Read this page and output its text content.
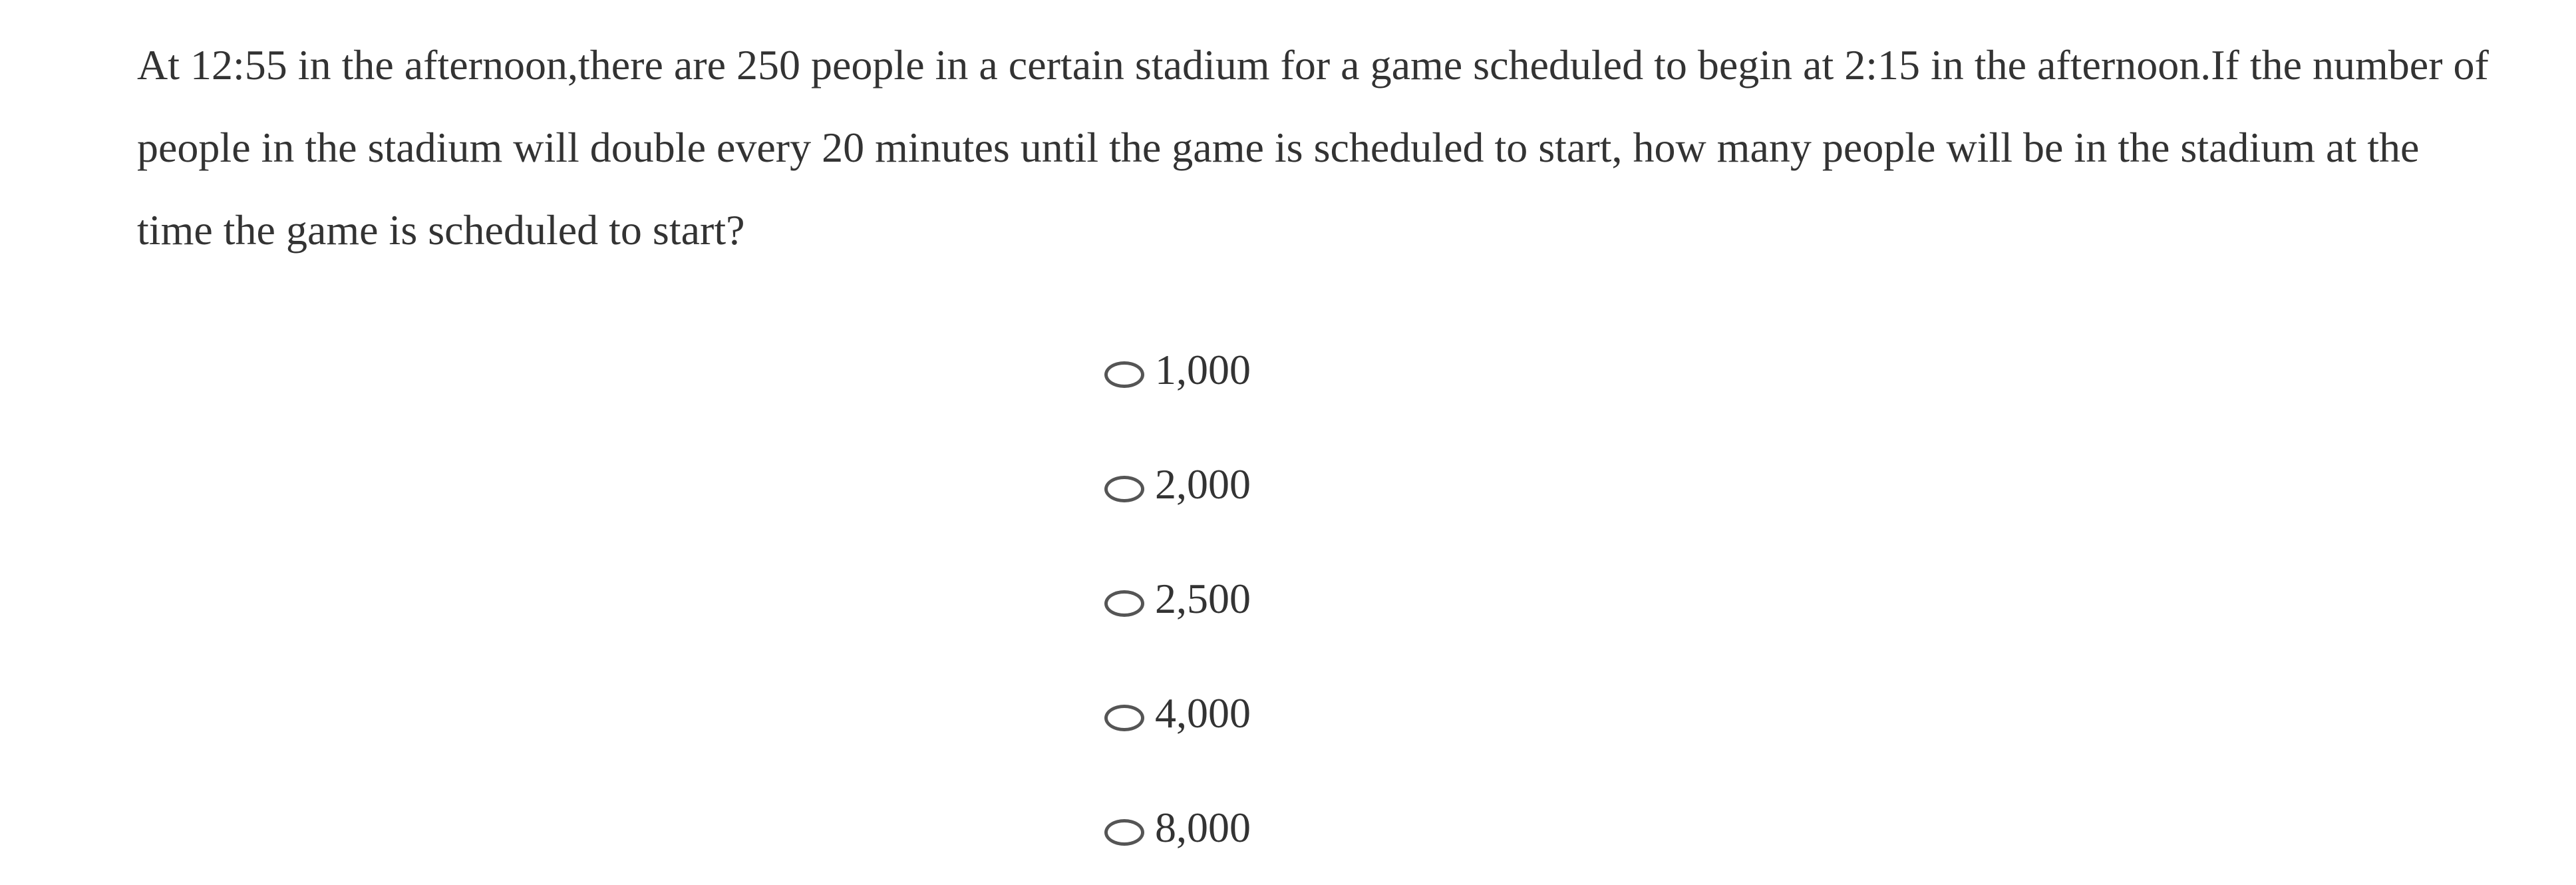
At 12:55 in the afternoon,there are 250 people in a certain stadium for a game scheduled to begin at 2:15 in the afternoon.If the number of people in the stadium will double every 20 minutes until the game is scheduled to start, how many people will be in the stadium at the time the game is scheduled to start?

1,000
2,000
2,500
4,000
8,000
